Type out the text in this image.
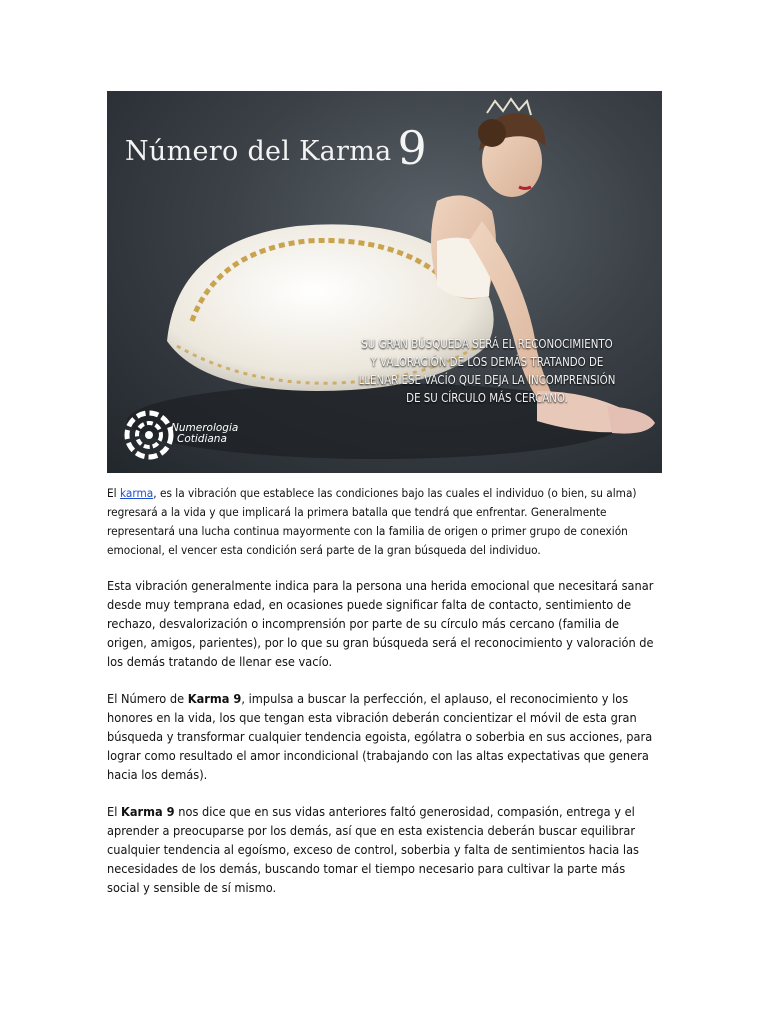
Número del Karma 9
SU GRAN BÚSQUEDA SERÁ EL RECONOCIMIENTO Y VALORACIÓN DE LOS DEMÁS TRATANDO DE LLENAR ESE VACÍO QUE DEJA LA INCOMPRENSIÓN DE SU CÍRCULO MÁS CERCANO.
Numerologia
Cotidiana

El karma, es la vibración que establece las condiciones bajo las cuales el individuo (o bien, su alma) regresará a la vida y que implicará la primera batalla que tendrá que enfrentar. Generalmente representará una lucha continua mayormente con la familia de origen o primer grupo de conexión emocional, el vencer esta condición será parte de la gran búsqueda del individuo.

Esta vibración generalmente indica para la persona una herida emocional que necesitará sanar desde muy temprana edad, en ocasiones puede significar falta de contacto, sentimiento de rechazo, desvalorización o incomprensión por parte de su círculo más cercano (familia de origen, amigos, parientes), por lo que su gran búsqueda será el reconocimiento y valoración de los demás tratando de llenar ese vacío.

El Número de Karma 9, impulsa a buscar la perfección, el aplauso, el reconocimiento y los honores en la vida, los que tengan esta vibración deberán concientizar el móvil de esta gran búsqueda y transformar cualquier tendencia egoista, ególatra o soberbia en sus acciones, para lograr como resultado el amor incondicional (trabajando con las altas expectativas que genera hacia los demás).

El Karma 9 nos dice que en sus vidas anteriores faltó generosidad, compasión, entrega y el aprender a preocuparse por los demás, así que en esta existencia deberán buscar equilibrar cualquier tendencia al egoísmo, exceso de control, soberbia y falta de sentimientos hacia las necesidades de los demás, buscando tomar el tiempo necesario para cultivar la parte más social y sensible de sí mismo.
